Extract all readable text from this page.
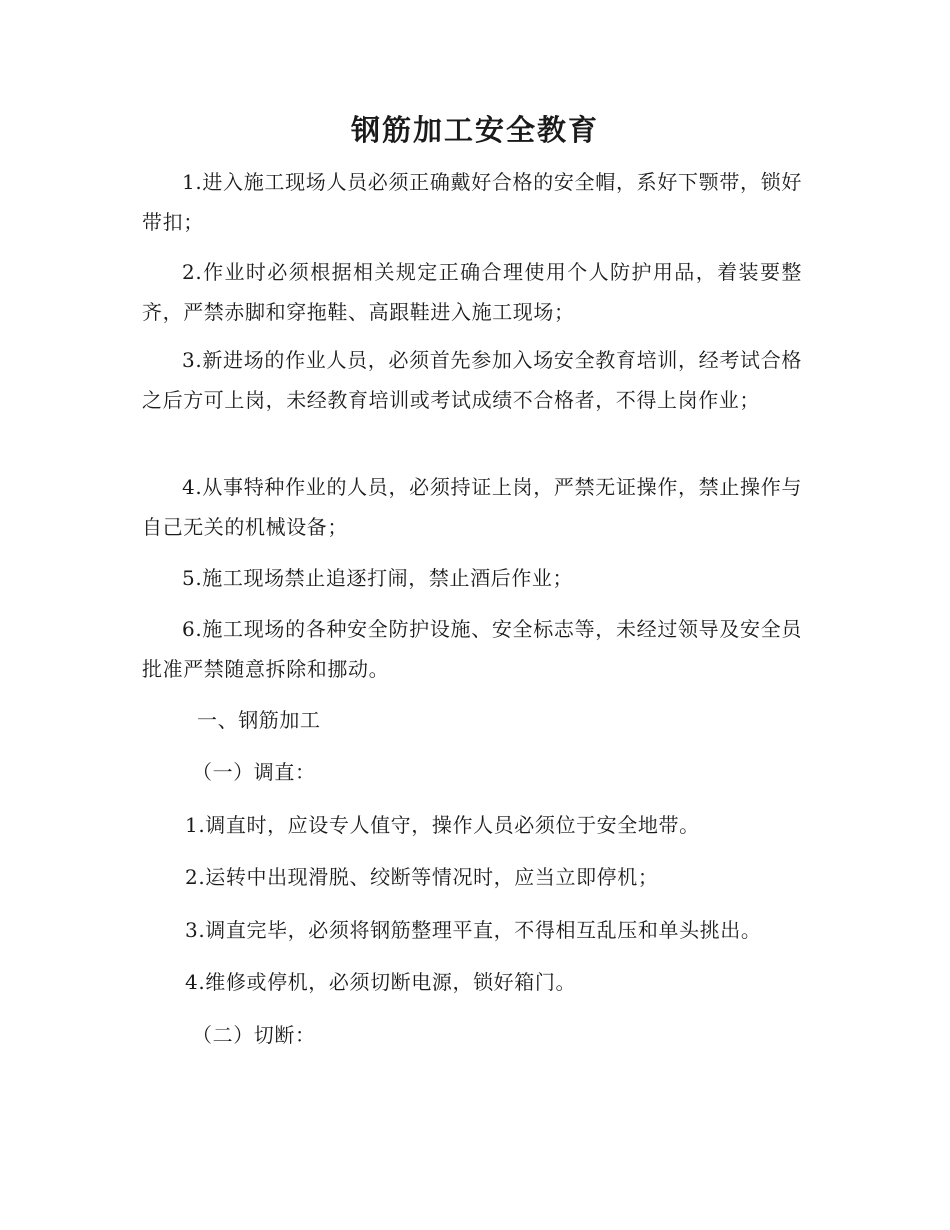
钢筋加工安全教育
1.进入施工现场人员必须正确戴好合格的安全帽，系好下颚带，锁好带扣；
2.作业时必须根据相关规定正确合理使用个人防护用品，着装要整齐，严禁赤脚和穿拖鞋、高跟鞋进入施工现场；
3.新进场的作业人员，必须首先参加入场安全教育培训，经考试合格之后方可上岗，未经教育培训或考试成绩不合格者，不得上岗作业；
4.从事特种作业的人员，必须持证上岗，严禁无证操作，禁止操作与自己无关的机械设备；
5.施工现场禁止追逐打闹，禁止酒后作业；
6.施工现场的各种安全防护设施、安全标志等，未经过领导及安全员批准严禁随意拆除和挪动。
一、钢筋加工
（一）调直：
1.调直时，应设专人值守，操作人员必须位于安全地带。
2.运转中出现滑脱、绞断等情况时，应当立即停机；
3.调直完毕，必须将钢筋整理平直，不得相互乱压和单头挑出。
4.维修或停机，必须切断电源，锁好箱门。
（二）切断：
